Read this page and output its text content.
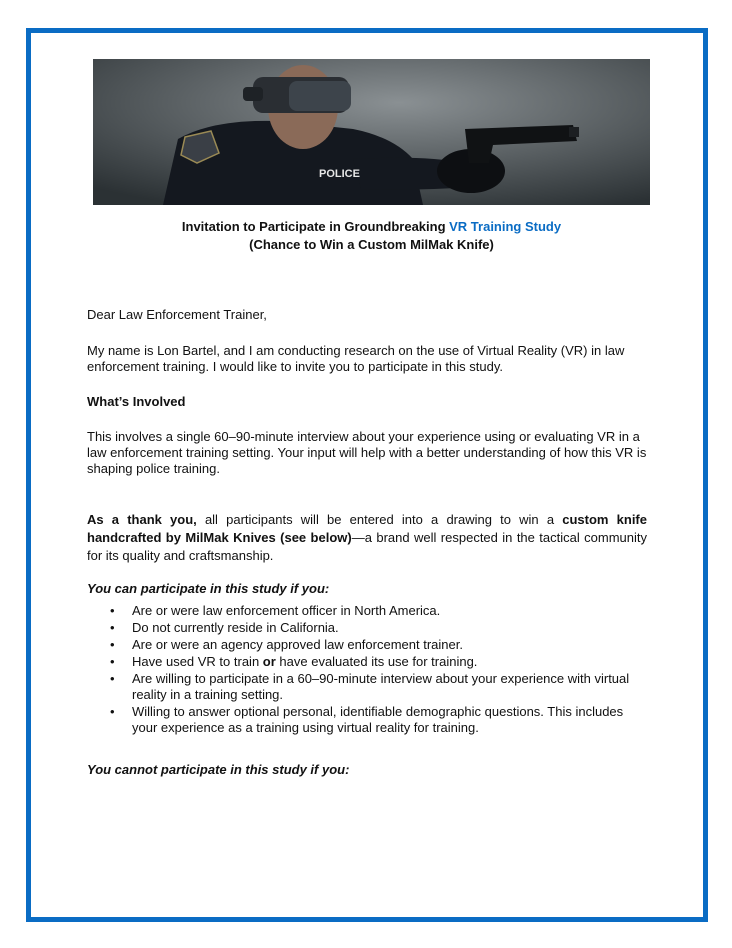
POLICE
Invitation to Participate in Groundbreaking VR Training Study
(Chance to Win a Custom MilMak Knife)
Dear Law Enforcement Trainer,
My name is Lon Bartel, and I am conducting research on the use of Virtual Reality (VR) in law enforcement training. I would like to invite you to participate in this study.
What’s Involved
This involves a single 60–90-minute interview about your experience using or evaluating VR in a law enforcement training setting. Your input will help with a better understanding of how this VR is shaping police training.
As a thank you, all participants will be entered into a drawing to win a custom knife handcrafted by MilMak Knives (see below)—a brand well respected in the tactical community for its quality and craftsmanship.
You can participate in this study if you:
• Are or were law enforcement officer in North America.
• Do not currently reside in California.
• Are or were an agency approved law enforcement trainer.
• Have used VR to train or have evaluated its use for training.
• Are willing to participate in a 60–90-minute interview about your experience with virtual reality in a training setting.
• Willing to answer optional personal, identifiable demographic questions. This includes your experience as a training using virtual reality for training.
You cannot participate in this study if you:
